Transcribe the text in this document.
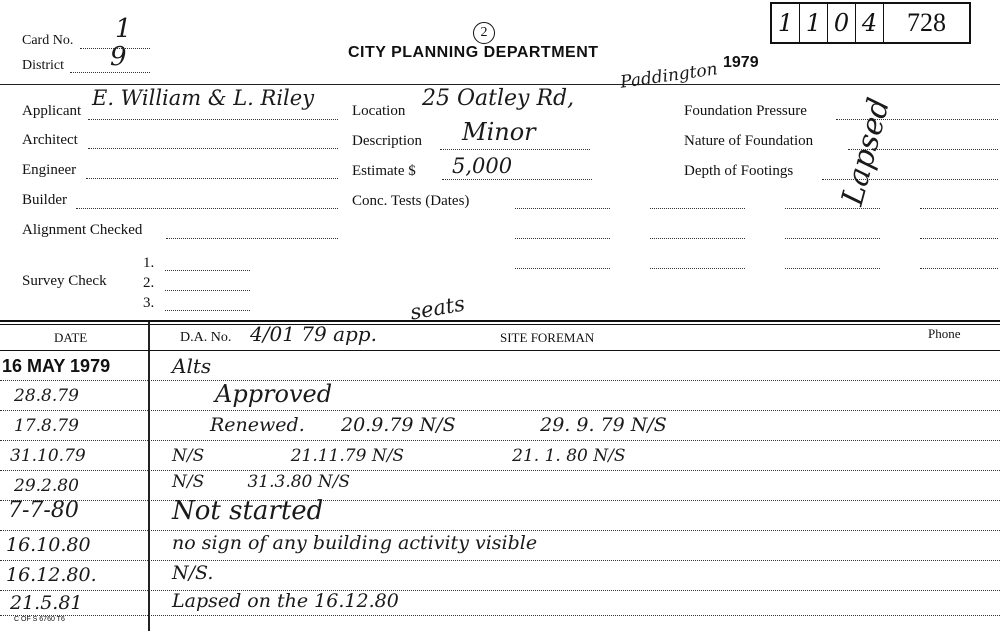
Card No. 1
District 9
2
CITY PLANNING DEPARTMENT
1979
1 1 0 4	728
Applicant
E. William & L. Riley
Architect
Engineer
Builder
Alignment Checked
Survey Check
1.
2.
3.
Location 25 Oatley Rd,
Paddington
Description Minor
Estimate $ 5,000
Conc. Tests (Dates)
Foundation Pressure
Nature of Foundation
Depth of Footings Lapsed
seats
DATE	D.A. No. 4/01 79 app.	SITE FOREMAN	Phone
16 MAY 1979	Alts
28.8.79	Approved
17.8.79	Renewed.      20.9.79 N/S              29. 9. 79 N/S
31.10.79	N/S                21.11.79 N/S                    21. 1. 80 N/S
29.2.80	N/S        31.3.80 N/S
7-7-80	Not started
16.10.80	no sign of any building activity visible
16.12.80.	N/S.
21.5.81	Lapsed on the 16.12.80
C OF S 6760 T6
